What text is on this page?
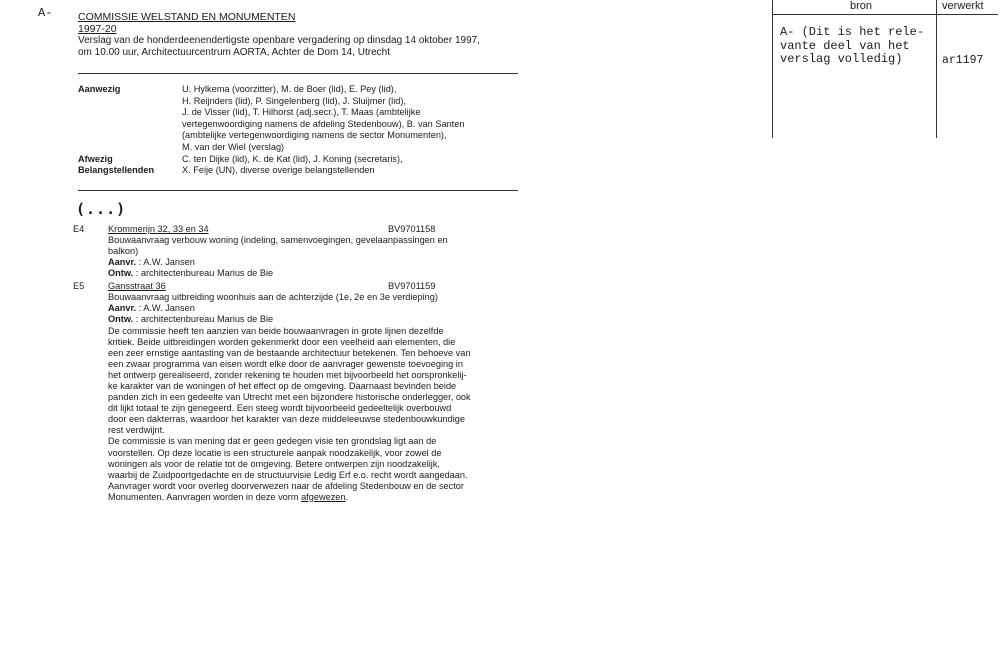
A- COMMISSIE WELSTAND EN MONUMENTEN
1997-20
Verslag van de honderdeenendertigste openbare vergadering op dinsdag 14 oktober 1997,
om 10.00 uur, Architectuurcentrum AORTA, Achter de Dom 14, Utrecht
Aanwezig	U. Hylkema (voorzitter), M. de Boer (lid), E. Pey (lid),
H. Reijnders (lid), P. Singelenberg (lid), J. Sluijmer (lid),
J. de Visser (lid), T. Hilhorst (adj.secr.), T. Maas (ambtelijke
vertegenwoordiging namens de afdeling Stedenbouw), B. van Santen
(ambtelijke vertegenwoordiging namens de sector Monumenten),
M. van der Wiel (verslag)
Afwezig	C. ten Dijke (lid), K. de Kat (lid), J. Koning (secretaris),
Belangstellenden	X. Feije (UN), diverse overige belangstellenden
(...)
E4	Krommerijn 32, 33 en 34	BV9701158
Bouwaanvraag verbouw woning (indeling, samenvoegingen, gevelaanpassingen en
balkon)
Aanvr. : A.W. Jansen
Ontw. : architectenbureau Marius de Bie
E5	Gansstraat 36	BV9701159
Bouwaanvraag uitbreiding woonhuis aan de achterzijde (1e, 2e en 3e verdieping)
Aanvr. : A.W. Jansen
Ontw. : architectenbureau Marius de Bie

De commissie heeft ten aanzien van beide bouwaanvragen in grote lijnen dezelfde

kritiek. Beide uitbreidingen worden gekenmerkt door een veelheid aan elementen, die

een zeer ernstige aantasting van de bestaande architectuur betekenen. Ten behoeve van

een zwaar programma van eisen wordt elke door de aanvrager gewenste toevoeging in

het ontwerp gerealiseerd, zonder rekening te houden met bijvoorbeeld het oorspronkelij-

ke karakter van de woningen of het effect op de omgeving. Daarnaast bevinden beide

panden zich in een gedeelte van Utrecht met een bijzondere historische onderlegger, ook

dit lijkt totaal te zijn genegeerd. Een steeg wordt bijvoorbeeld gedeeltelijk overbouwd

door een dakterras, waardoor het karakter van deze middeleeuwse stedenbouwkundige

rest verdwijnt.

De commissie is van mening dat er geen gedegen visie ten grondslag ligt aan de

voorstellen. Op deze locatie is een structurele aanpak noodzakelijk, voor zowel de

woningen als voor de relatie tot de omgeving. Betere ontwerpen zijn noodzakelijk,

waarbij de Zuidpoortgedachte en de structuurvisie Ledig Erf e.o. recht wordt aangedaan.

Aanvrager wordt voor overleg doorverwezen naar de afdeling Stedenbouw en de sector

Monumenten. Aanvragen worden in deze vorm afgewezen.

bron	verwerkt
A- (Dit is het rele-
vante deel van het
verslag volledig)	ar1197
